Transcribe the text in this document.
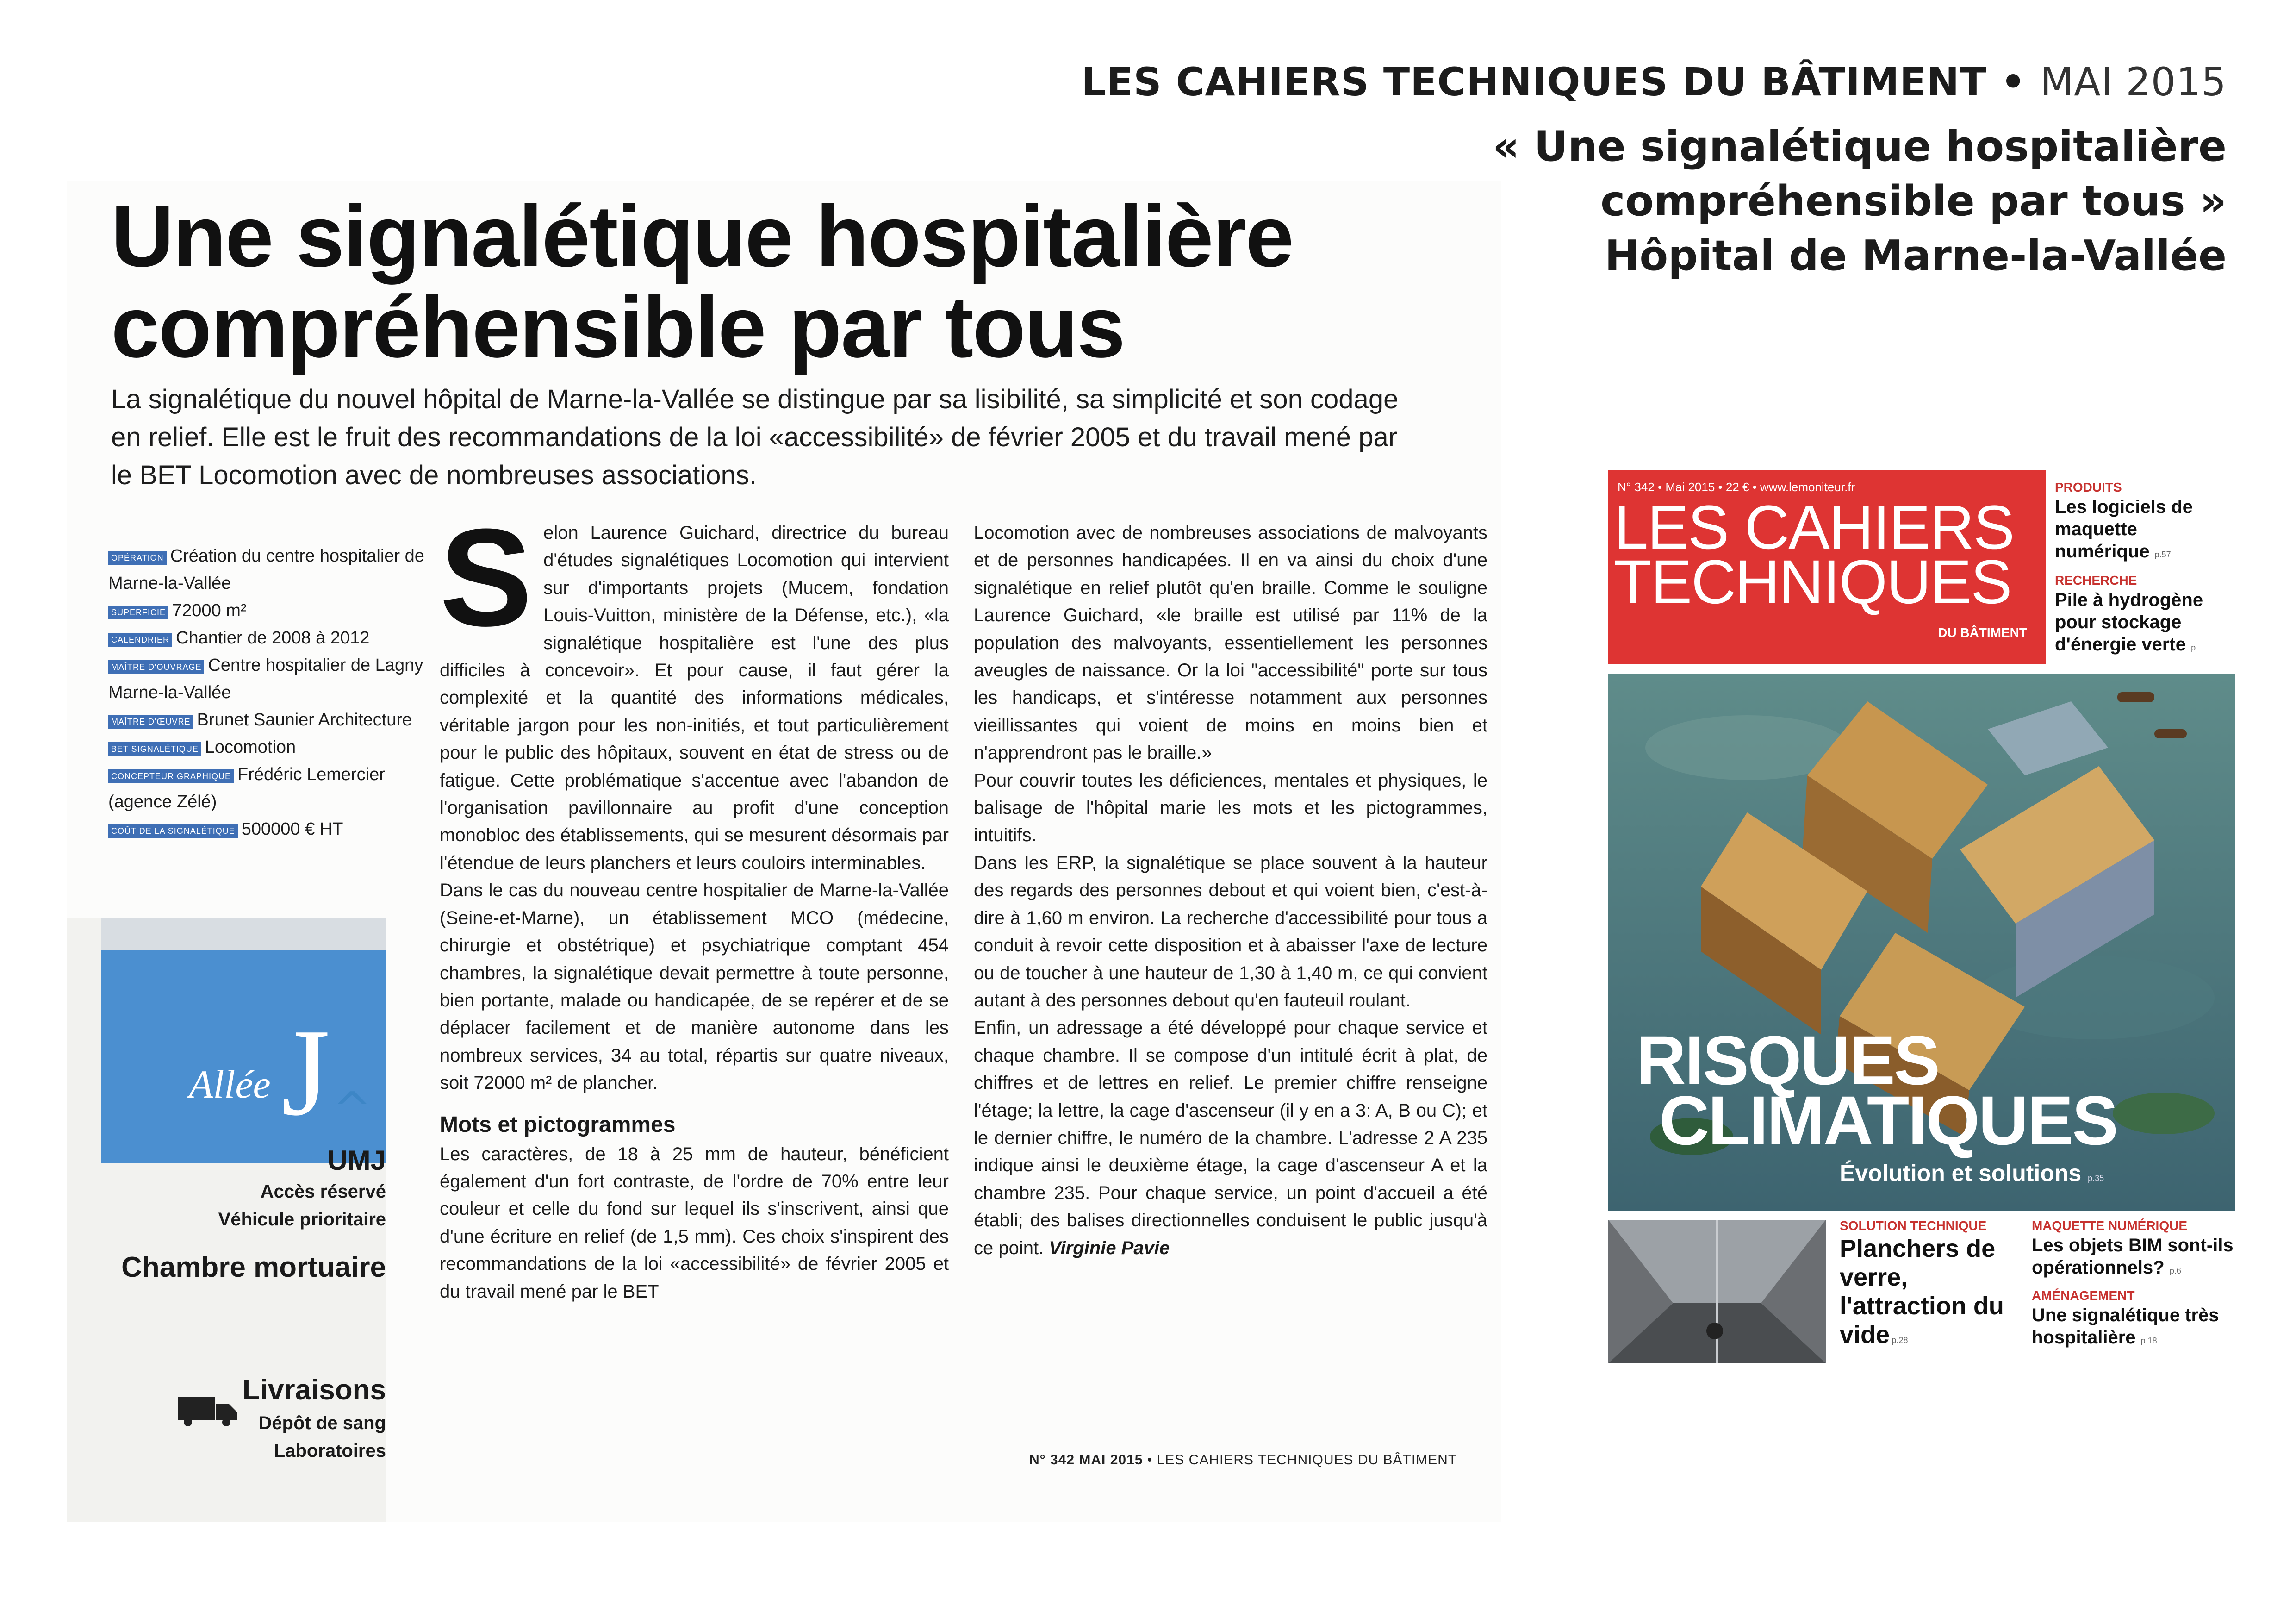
LES CAHIERS TECHNIQUES DU BÂTIMENT • MAI 2015
« Une signalétique hospitalière
compréhensible par tous »
Hôpital de Marne-la-Vallée
Une signalétique hospitalière
compréhensible par tous
La signalétique du nouvel hôpital de Marne-la-Vallée se distingue par sa lisibilité, sa simplicité et son codage en relief. Elle est le fruit des recommandations de la loi «accessibilité» de février 2005 et du travail mené par le BET Locomotion avec de nombreuses associations.

OPÉRATION Création du centre hospitalier de Marne-la-Vallée

SUPERFICIE 72000 m²

CALENDRIER Chantier de 2008 à 2012

MAÎTRE D'OUVRAGE Centre hospitalier de Lagny Marne-la-Vallée

MAÎTRE D'ŒUVRE Brunet Saunier Architecture

BET SIGNALÉTIQUE Locomotion

CONCEPTEUR GRAPHIQUE Frédéric Lemercier (agence Zélé)

COÛT DE LA SIGNALÉTIQUE 500000 € HT

Allée J ^
UMJ
Accès réservé
Véhicule prioritaire
Chambre mortuaire
Livraisons
Dépôt de sang
Laboratoires
S elon Laurence Guichard, directrice du bureau d'études signalétiques Locomotion qui intervient sur d'importants projets (Mucem, fondation Louis-Vuitton, ministère de la Défense, etc.), «la signalétique hospitalière est l'une des plus difficiles à concevoir». Et pour cause, il faut gérer la complexité et la quantité des informations médicales, véritable jargon pour les non-initiés, et tout particulièrement pour le public des hôpitaux, souvent en état de stress ou de fatigue. Cette problématique s'accentue avec l'abandon de l'organisation pavillonnaire au profit d'une conception monobloc des établissements, qui se mesurent désormais par l'étendue de leurs planchers et leurs couloirs interminables.

Dans le cas du nouveau centre hospitalier de Marne-la-Vallée (Seine-et-Marne), un établissement MCO (médecine, chirurgie et obstétrique) et psychiatrique comptant 454 chambres, la signalétique devait permettre à toute personne, bien portante, malade ou handicapée, de se repérer et de se déplacer facilement et de manière autonome dans les nombreux services, 34 au total, répartis sur quatre niveaux, soit 72000 m² de plancher.

Mots et pictogrammes

Les caractères, de 18 à 25 mm de hauteur, bénéficient également d'un fort contraste, de l'ordre de 70% entre leur couleur et celle du fond sur lequel ils s'inscrivent, ainsi que d'une écriture en relief (de 1,5 mm). Ces choix s'inspirent des recommandations de la loi «accessibilité» de février 2005 et du travail mené par le BET

Locomotion avec de nombreuses associations de malvoyants et de personnes handicapées. Il en va ainsi du choix d'une signalétique en relief plutôt qu'en braille. Comme le souligne Laurence Guichard, «le braille est utilisé par 11% de la population des malvoyants, essentiellement les personnes aveugles de naissance. Or la loi "accessibilité" porte sur tous les handicaps, et s'intéresse notamment aux personnes vieillissantes qui voient de moins en moins bien et n'apprendront pas le braille.»

Pour couvrir toutes les déficiences, mentales et physiques, le balisage de l'hôpital marie les mots et les pictogrammes, intuitifs.

Dans les ERP, la signalétique se place souvent à la hauteur des regards des personnes debout et qui voient bien, c'est-à-dire à 1,60 m environ. La recherche d'accessibilité pour tous a conduit à revoir cette disposition et à abaisser l'axe de lecture ou de toucher à une hauteur de 1,30 à 1,40 m, ce qui convient autant à des personnes debout qu'en fauteuil roulant.

Enfin, un adressage a été développé pour chaque service et chaque chambre. Il se compose d'un intitulé écrit à plat, de chiffres et de lettres en relief. Le premier chiffre renseigne l'étage; la lettre, la cage d'ascenseur (il y en a 3: A, B ou C); et le dernier chiffre, le numéro de la chambre. L'adresse 2 A 235 indique ainsi le deuxième étage, la cage d'ascenseur A et la chambre 235. Pour chaque service, un point d'accueil a été établi; des balises directionnelles conduisent le public jusqu'à ce point. Virginie Pavie

N° 342 MAI 2015 • LES CAHIERS TECHNIQUES DU BÂTIMENT
N° 342 • Mai 2015 • 22 € • www.lemoniteur.fr
LES CAHIERS
TECHNIQUES
DU BÂTIMENT
PRODUITS
Les logiciels de maquette numérique p.57
RECHERCHE
Pile à hydrogène pour stockage d'énergie verte p.
RISQUES
CLIMATIQUES
Évolution et solutions p.35
SOLUTION TECHNIQUE
Planchers de verre, l'attraction du vide p.28
MAQUETTE NUMÉRIQUE
Les objets BIM sont-ils opérationnels? p.6
AMÉNAGEMENT
Une signalétique très hospitalière p.18
